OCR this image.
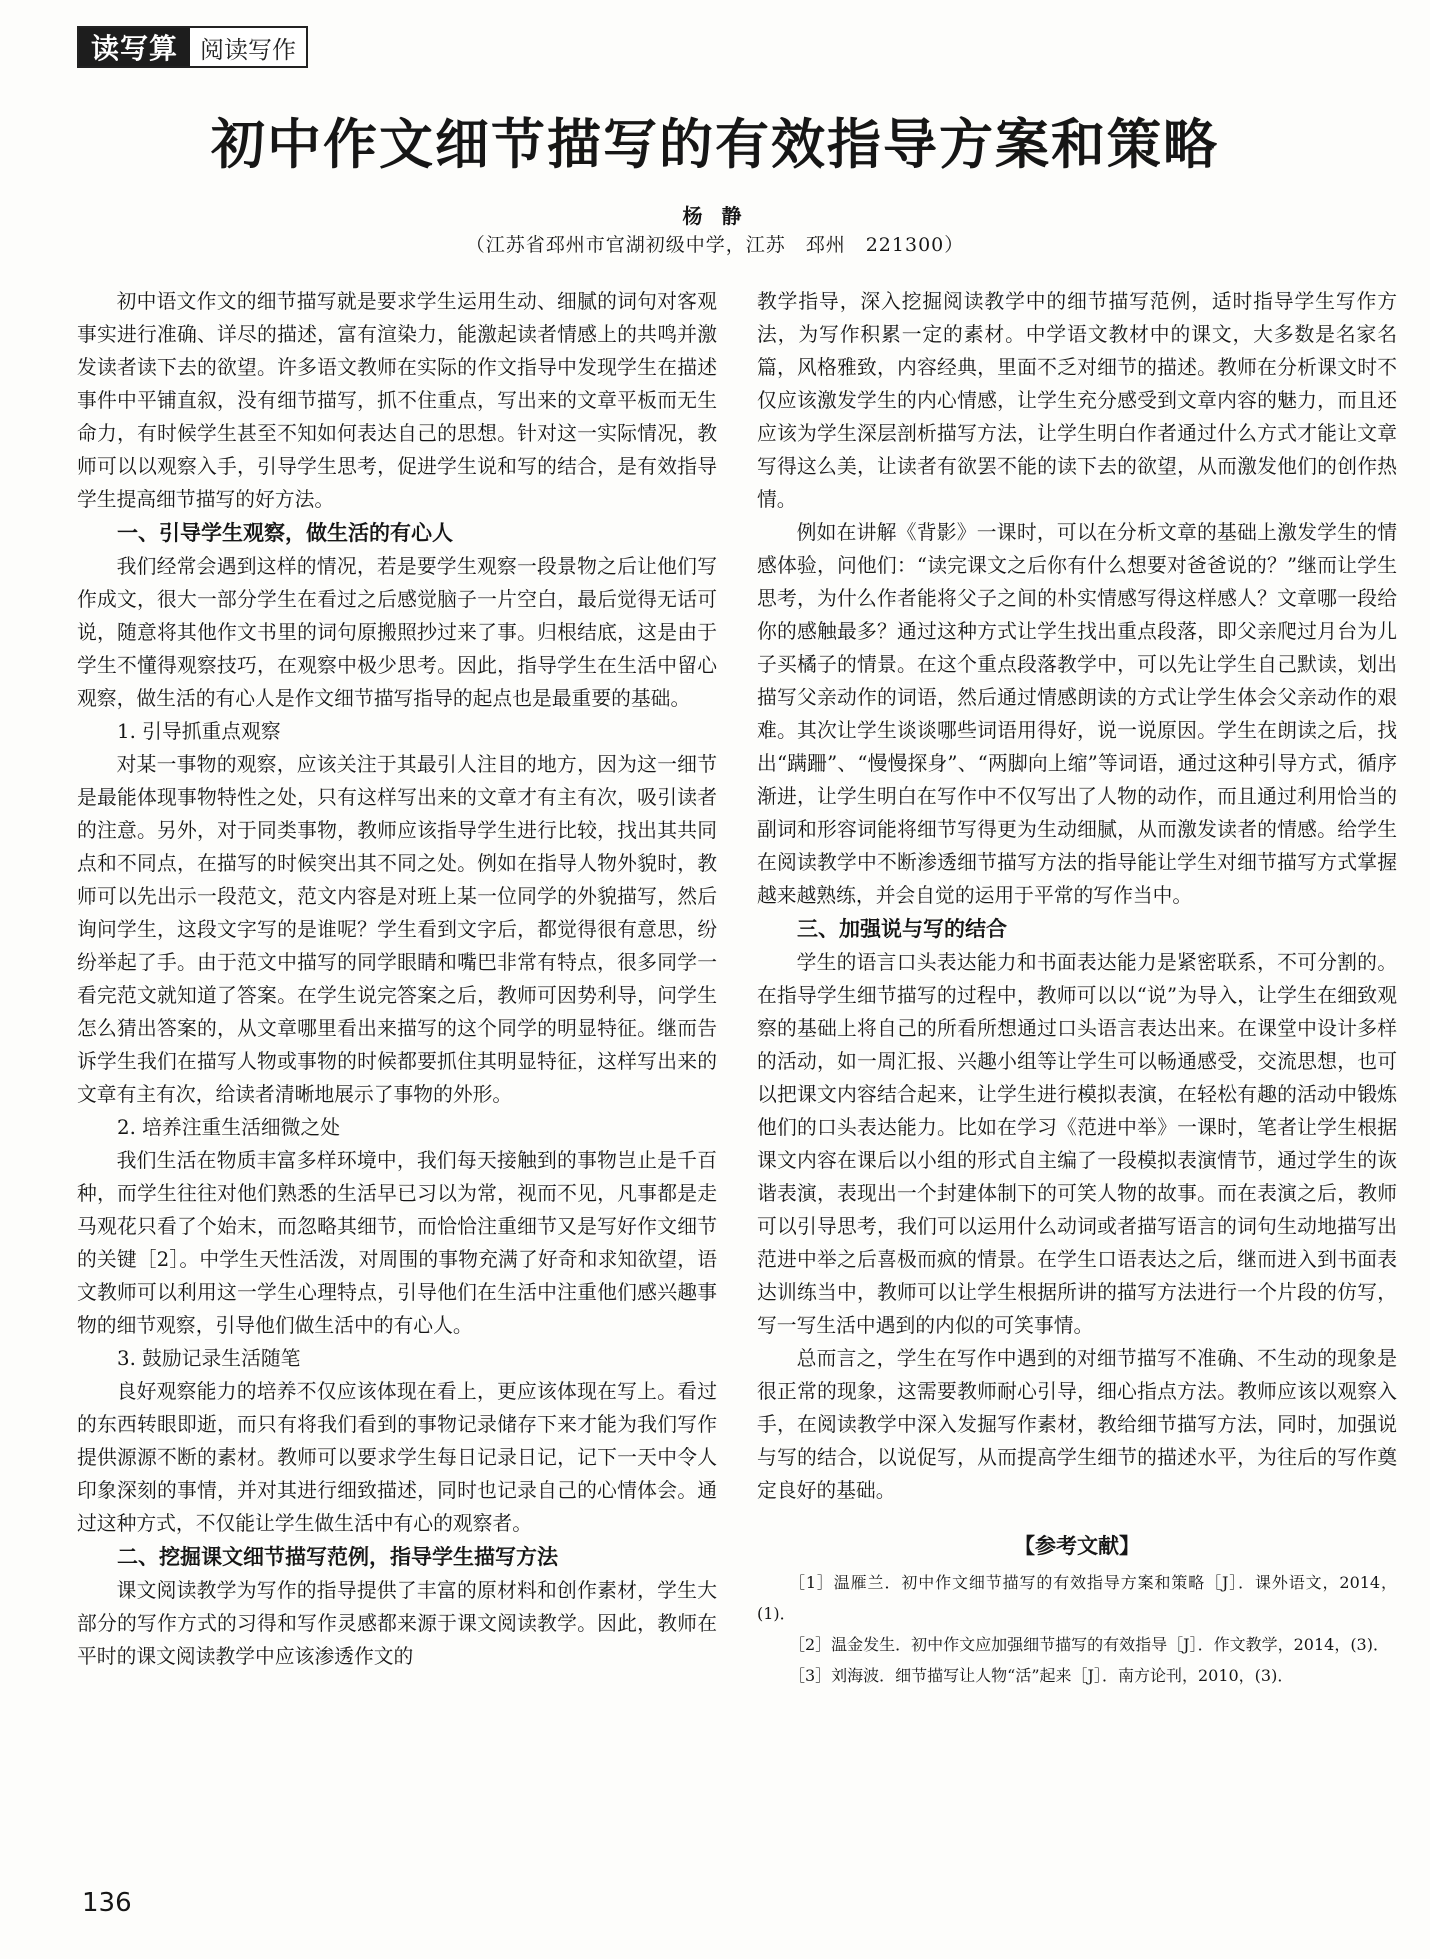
读写算 阅读写作
初中作文细节描写的有效指导方案和策略
杨 静
（江苏省邳州市官湖初级中学，江苏　邳州　221300）

初中语文作文的细节描写就是要求学生运用生动、细腻的词句对客观事实进行准确、详尽的描述，富有渲染力，能激起读者情感上的共鸣并激发读者读下去的欲望。许多语文教师在实际的作文指导中发现学生在描述事件中平铺直叙，没有细节描写，抓不住重点，写出来的文章平板而无生命力，有时候学生甚至不知如何表达自己的思想。针对这一实际情况，教师可以以观察入手，引导学生思考，促进学生说和写的结合，是有效指导学生提高细节描写的好方法。

一、引导学生观察，做生活的有心人

我们经常会遇到这样的情况，若是要学生观察一段景物之后让他们写作成文，很大一部分学生在看过之后感觉脑子一片空白，最后觉得无话可说，随意将其他作文书里的词句原搬照抄过来了事。归根结底，这是由于学生不懂得观察技巧，在观察中极少思考。因此，指导学生在生活中留心观察，做生活的有心人是作文细节描写指导的起点也是最重要的基础。

1. 引导抓重点观察

对某一事物的观察，应该关注于其最引人注目的地方，因为这一细节是最能体现事物特性之处，只有这样写出来的文章才有主有次，吸引读者的注意。另外，对于同类事物，教师应该指导学生进行比较，找出其共同点和不同点，在描写的时候突出其不同之处。例如在指导人物外貌时，教师可以先出示一段范文，范文内容是对班上某一位同学的外貌描写，然后询问学生，这段文字写的是谁呢？学生看到文字后，都觉得很有意思，纷纷举起了手。由于范文中描写的同学眼睛和嘴巴非常有特点，很多同学一看完范文就知道了答案。在学生说完答案之后，教师可因势利导，问学生怎么猜出答案的，从文章哪里看出来描写的这个同学的明显特征。继而告诉学生我们在描写人物或事物的时候都要抓住其明显特征，这样写出来的文章有主有次，给读者清晰地展示了事物的外形。

2. 培养注重生活细微之处

我们生活在物质丰富多样环境中，我们每天接触到的事物岂止是千百种，而学生往往对他们熟悉的生活早已习以为常，视而不见，凡事都是走马观花只看了个始末，而忽略其细节，而恰恰注重细节又是写好作文细节的关键［2］。中学生天性活泼，对周围的事物充满了好奇和求知欲望，语文教师可以利用这一学生心理特点，引导他们在生活中注重他们感兴趣事物的细节观察，引导他们做生活中的有心人。

3. 鼓励记录生活随笔

良好观察能力的培养不仅应该体现在看上，更应该体现在写上。看过的东西转眼即逝，而只有将我们看到的事物记录储存下来才能为我们写作提供源源不断的素材。教师可以要求学生每日记录日记，记下一天中令人印象深刻的事情，并对其进行细致描述，同时也记录自己的心情体会。通过这种方式，不仅能让学生做生活中有心的观察者。

二、挖掘课文细节描写范例，指导学生描写方法

课文阅读教学为写作的指导提供了丰富的原材料和创作素材，学生大部分的写作方式的习得和写作灵感都来源于课文阅读教学。因此，教师在平时的课文阅读教学中应该渗透作文的

教学指导，深入挖掘阅读教学中的细节描写范例，适时指导学生写作方法，为写作积累一定的素材。中学语文教材中的课文，大多数是名家名篇，风格雅致，内容经典，里面不乏对细节的描述。教师在分析课文时不仅应该激发学生的内心情感，让学生充分感受到文章内容的魅力，而且还应该为学生深层剖析描写方法，让学生明白作者通过什么方式才能让文章写得这么美，让读者有欲罢不能的读下去的欲望，从而激发他们的创作热情。

例如在讲解《背影》一课时，可以在分析文章的基础上激发学生的情感体验，问他们：“读完课文之后你有什么想要对爸爸说的？”继而让学生思考，为什么作者能将父子之间的朴实情感写得这样感人？文章哪一段给你的感触最多？通过这种方式让学生找出重点段落，即父亲爬过月台为儿子买橘子的情景。在这个重点段落教学中，可以先让学生自己默读，划出描写父亲动作的词语，然后通过情感朗读的方式让学生体会父亲动作的艰难。其次让学生谈谈哪些词语用得好，说一说原因。学生在朗读之后，找出“蹒跚”、“慢慢探身”、“两脚向上缩”等词语，通过这种引导方式，循序渐进，让学生明白在写作中不仅写出了人物的动作，而且通过利用恰当的副词和形容词能将细节写得更为生动细腻，从而激发读者的情感。给学生在阅读教学中不断渗透细节描写方法的指导能让学生对细节描写方式掌握越来越熟练，并会自觉的运用于平常的写作当中。

三、加强说与写的结合

学生的语言口头表达能力和书面表达能力是紧密联系，不可分割的。在指导学生细节描写的过程中，教师可以以“说”为导入，让学生在细致观察的基础上将自己的所看所想通过口头语言表达出来。在课堂中设计多样的活动，如一周汇报、兴趣小组等让学生可以畅通感受，交流思想，也可以把课文内容结合起来，让学生进行模拟表演，在轻松有趣的活动中锻炼他们的口头表达能力。比如在学习《范进中举》一课时，笔者让学生根据课文内容在课后以小组的形式自主编了一段模拟表演情节，通过学生的诙谐表演，表现出一个封建体制下的可笑人物的故事。而在表演之后，教师可以引导思考，我们可以运用什么动词或者描写语言的词句生动地描写出范进中举之后喜极而疯的情景。在学生口语表达之后，继而进入到书面表达训练当中，教师可以让学生根据所讲的描写方法进行一个片段的仿写，写一写生活中遇到的内似的可笑事情。

总而言之，学生在写作中遇到的对细节描写不准确、不生动的现象是很正常的现象，这需要教师耐心引导，细心指点方法。教师应该以观察入手，在阅读教学中深入发掘写作素材，教给细节描写方法，同时，加强说与写的结合，以说促写，从而提高学生细节的描述水平，为往后的写作奠定良好的基础。

【参考文献】

［1］温雁兰．初中作文细节描写的有效指导方案和策略［J］．课外语文，2014，(1)．

［2］温金发生．初中作文应加强细节描写的有效指导［J］．作文教学，2014，(3)．

［3］刘海波．细节描写让人物“活”起来［J］．南方论刊，2010，(3)．

136
